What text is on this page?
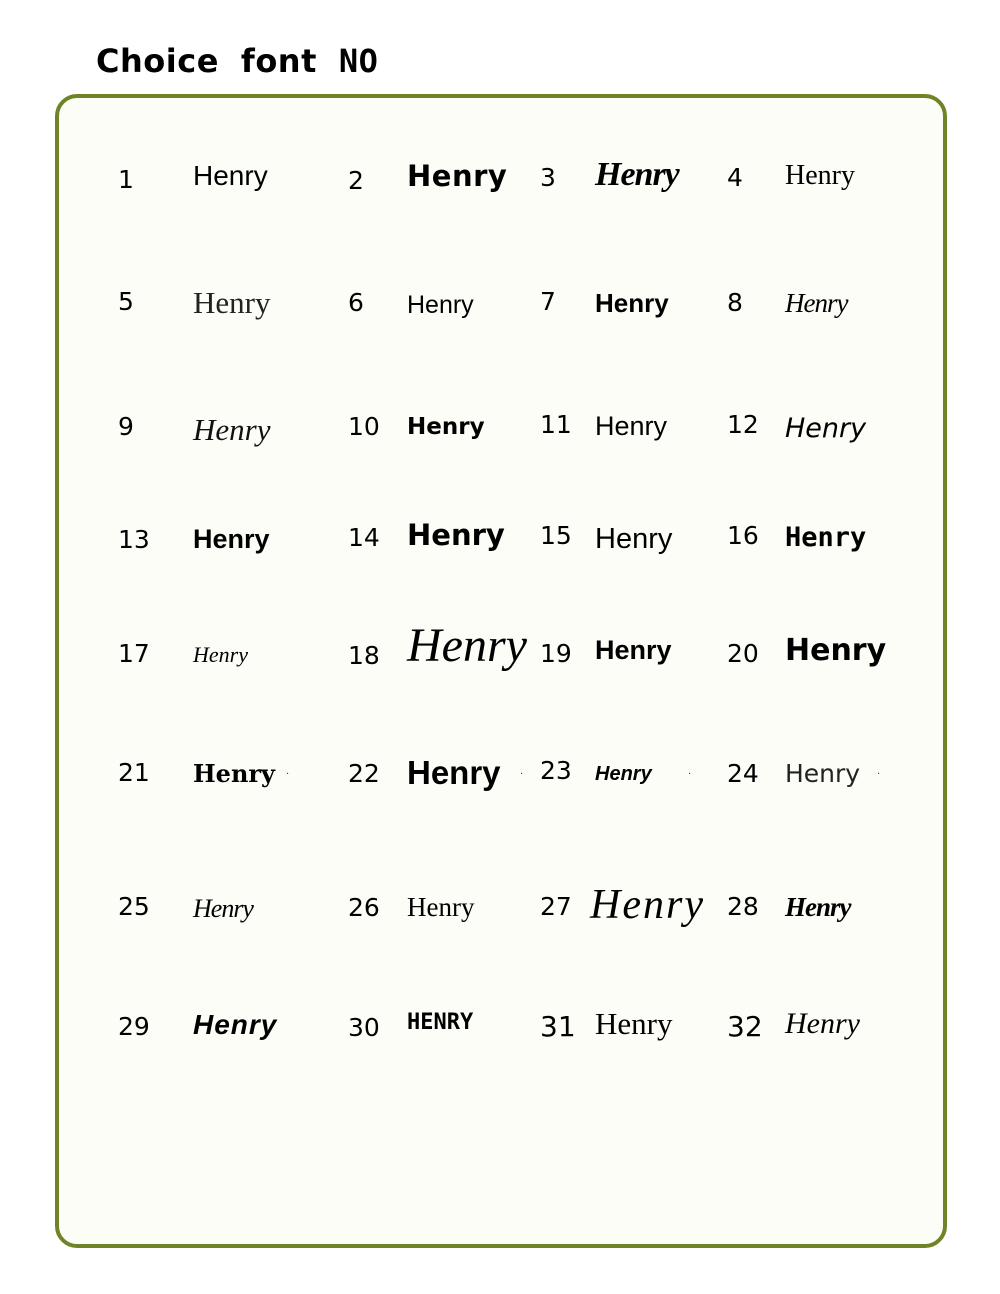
Choice font NO
1 Henry	2 Henry 3 Henry 4 Henry
5 Henry	6 Henry	7 Henry 8 Henry
9 Henry	10 Henry 11 Henry 12 Henry
13 Henry	14 Henry 15 Henry 16 Henry
17 Henry	18 Henry 19 Henry 20 Henry
21 Henry · 22 Henry · 23 Henry	· 24 Henry ·
25 Henry	26 Henry	27 Henry 28 Henry
29 Henry	30 HENRY 31 Henry 32 Henry
